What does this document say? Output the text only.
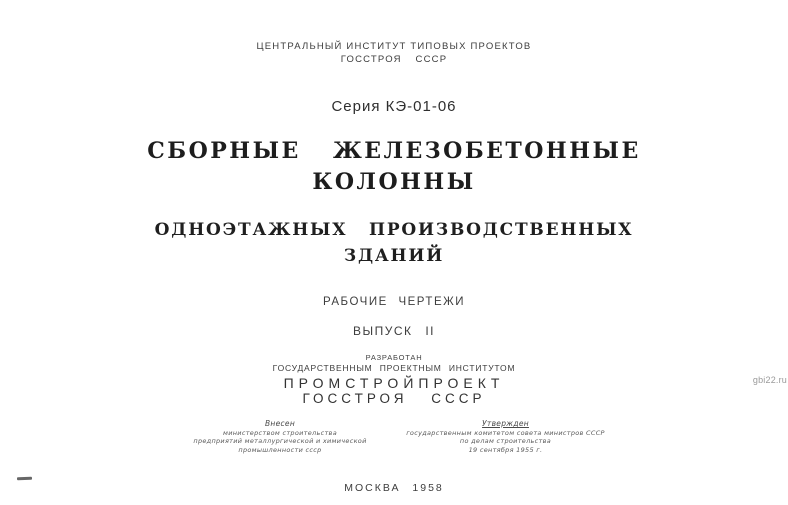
ЦЕНТРАЛЬНЫЙ ИНСТИТУТ ТИПОВЫХ ПРОЕКТОВ
ГОССТРОЯ СССР
Серия КЭ-01-06
СБОРНЫЕ ЖЕЛЕЗОБЕТОННЫЕ
КОЛОННЫ
ОДНОЭТАЖНЫХ ПРОИЗВОДСТВЕННЫХ
ЗДАНИЙ
РАБОЧИЕ ЧЕРТЕЖИ
ВЫПУСК II
РАЗРАБОТАН
ГОСУДАРСТВЕННЫМ ПРОЕКТНЫМ ИНСТИТУТОМ
ПРОМСТРОЙПРОЕКТ
ГОССТРОЯ СССР
Внесен
министерством строительства
предприятий металлургической и химической
промышленности ссср
Утвержден
государственным комитетом совета министров СССР
по делам строительства
19 сентября 1955 г.
МОСКВА 1958
gbi22.ru
